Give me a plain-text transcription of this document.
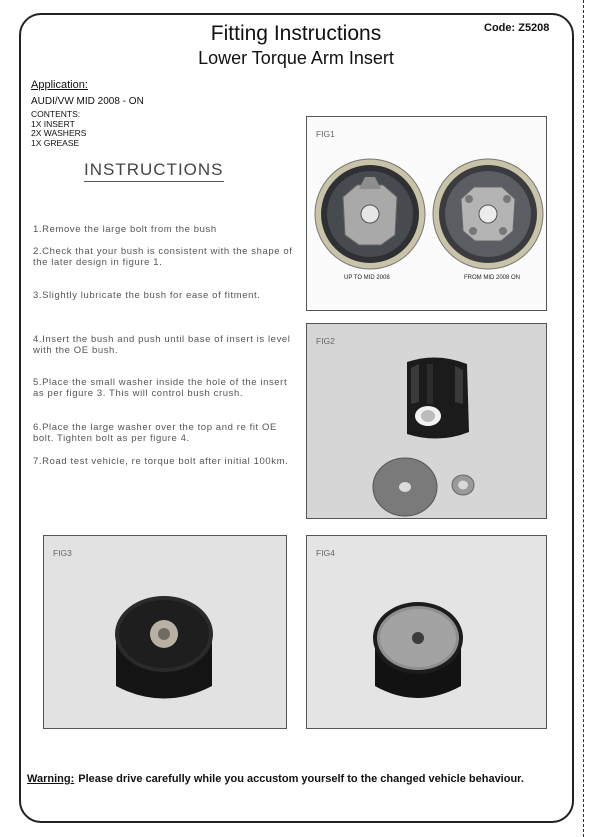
Fitting Instructions
Lower Torque Arm Insert
Code: Z5208
Application:
AUDI/VW MID 2008 - ON
CONTENTS:
1X INSERT
2X WASHERS
1X GREASE
INSTRUCTIONS
1.Remove the large bolt from the bush
2.Check that your bush is consistent with the shape of the later design in figure 1.
3.Slightly lubricate the bush for ease of fitment.
4.Insert the bush and push until base of insert is level with the OE bush.
5.Place the small washer inside the hole of the insert as per figure 3. This will control bush crush.
6.Place the large washer over the top and re fit OE bolt. Tighten bolt as per figure 4.
7.Road test vehicle, re torque bolt after initial 100km.
FIG1
UP TO MID 2008	FROM MID 2008 ON
FIG2
FIG3	FIG4
Warning: Please drive carefully while you accustom yourself to the changed vehicle behaviour.
